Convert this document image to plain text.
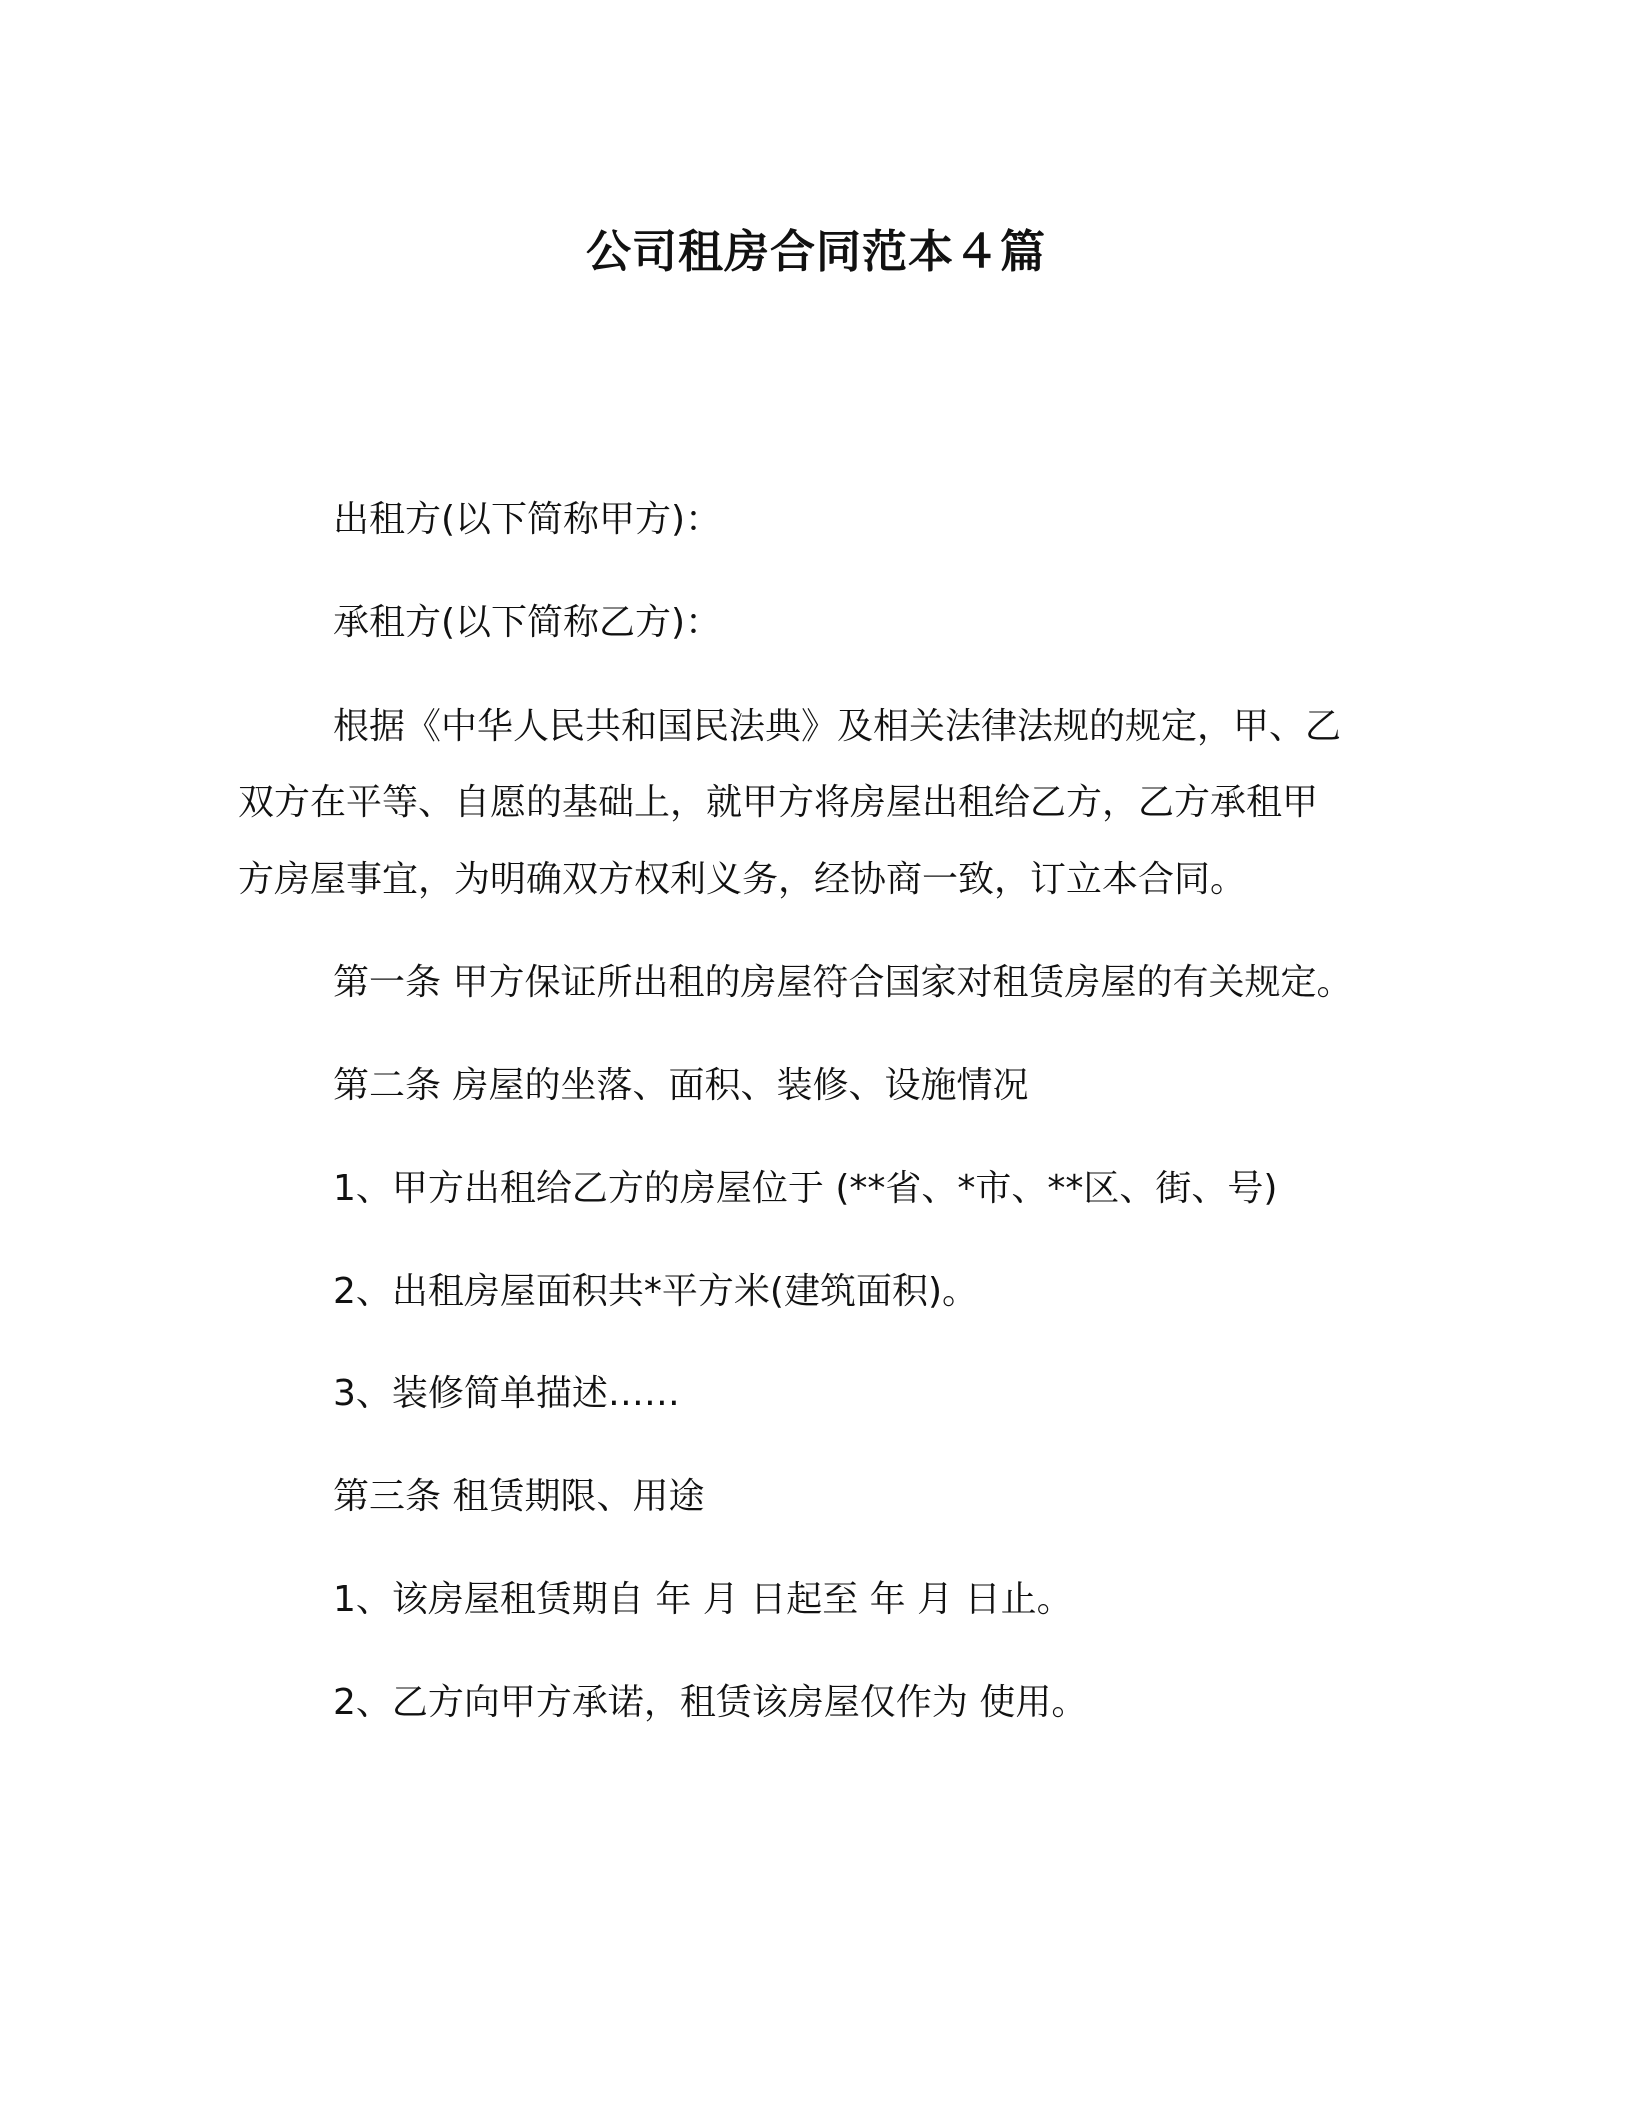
公司租房合同范本４篇
出租方(以下简称甲方)：
承租方(以下简称乙方)：
根据《中华人民共和国民法典》及相关法律法规的规定，甲、乙
双方在平等、自愿的基础上，就甲方将房屋出租给乙方，乙方承租甲
方房屋事宜，为明确双方权利义务，经协商一致，订立本合同。
第一条 甲方保证所出租的房屋符合国家对租赁房屋的有关规定。
第二条 房屋的坐落、面积、装修、设施情况
1、甲方出租给乙方的房屋位于 (**省、*市、**区、街、号)
2、出租房屋面积共*平方米(建筑面积)。
3、装修简单描述……
第三条 租赁期限、用途
1、该房屋租赁期自 年 月 日起至 年 月 日止。
2、乙方向甲方承诺，租赁该房屋仅作为 使用。
